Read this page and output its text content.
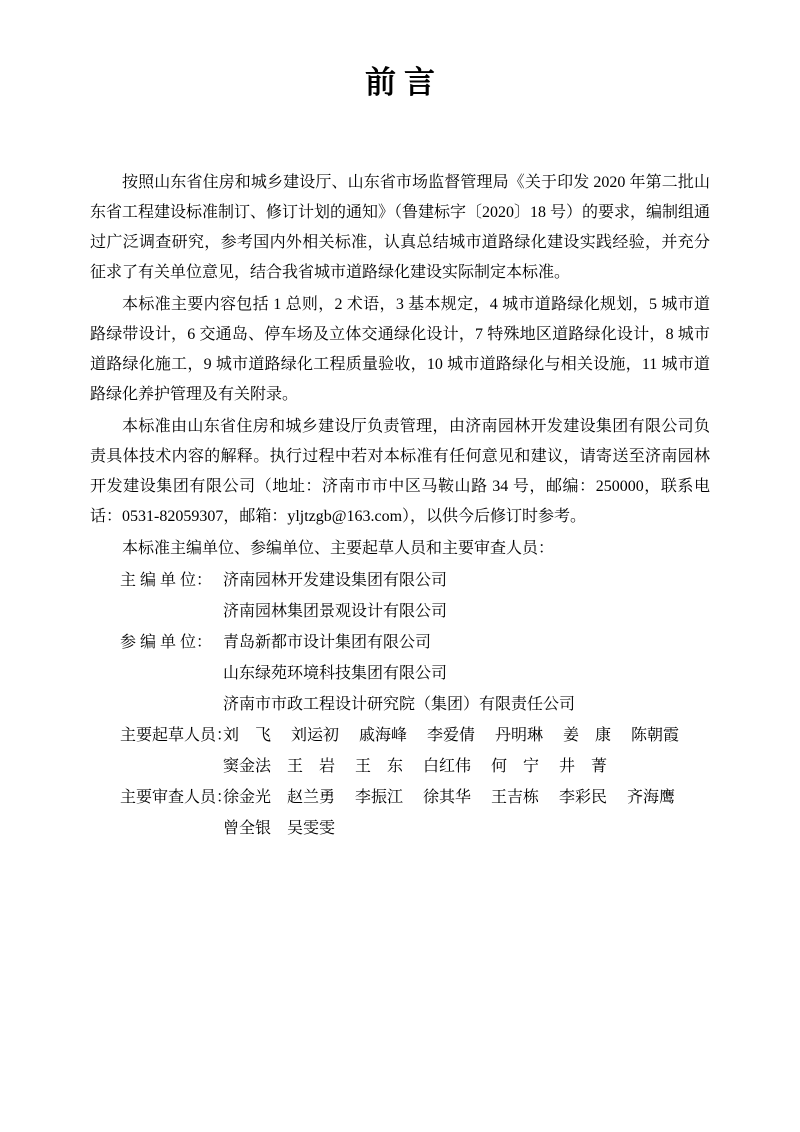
前言

按照山东省住房和城乡建设厅、山东省市场监督管理局《关于印发 2020 年第二批山东省工程建设标准制订、修订计划的通知》（鲁建标字〔2020〕18 号）的要求，编制组通过广泛调查研究，参考国内外相关标准，认真总结城市道路绿化建设实践经验，并充分征求了有关单位意见，结合我省城市道路绿化建设实际制定本标准。

本标准主要内容包括 1 总则，2 术语，3 基本规定，4 城市道路绿化规划，5 城市道路绿带设计，6 交通岛、停车场及立体交通绿化设计，7 特殊地区道路绿化设计，8 城市道路绿化施工，9 城市道路绿化工程质量验收，10 城市道路绿化与相关设施，11 城市道路绿化养护管理及有关附录。

本标准由山东省住房和城乡建设厅负责管理，由济南园林开发建设集团有限公司负责具体技术内容的解释。执行过程中若对本标准有任何意见和建议，请寄送至济南园林开发建设集团有限公司（地址：济南市市中区马鞍山路 34 号，邮编：250000，联系电话：0531-82059307，邮箱：yljtzgb@163.com），以供今后修订时参考。

本标准主编单位、参编单位、主要起草人员和主要审查人员：

主 编 单 位： 济南园林开发建设集团有限公司
济南园林集团景观设计有限公司
参 编 单 位： 青岛新都市设计集团有限公司
山东绿苑环境科技集团有限公司
济南市市政工程设计研究院（集团）有限责任公司
主要起草人员：
刘　飞　 刘运初　 戚海峰　 李爱倩　 丹明琳　 姜　康　 陈朝霞
窦金法　王　岩　 王　东　 白红伟　 何　宁　 井　菁
主要审查人员：
徐金光　赵兰勇　 李振江　 徐其华　 王吉栋　 李彩民　 齐海鹰
曾全银　吴雯雯
